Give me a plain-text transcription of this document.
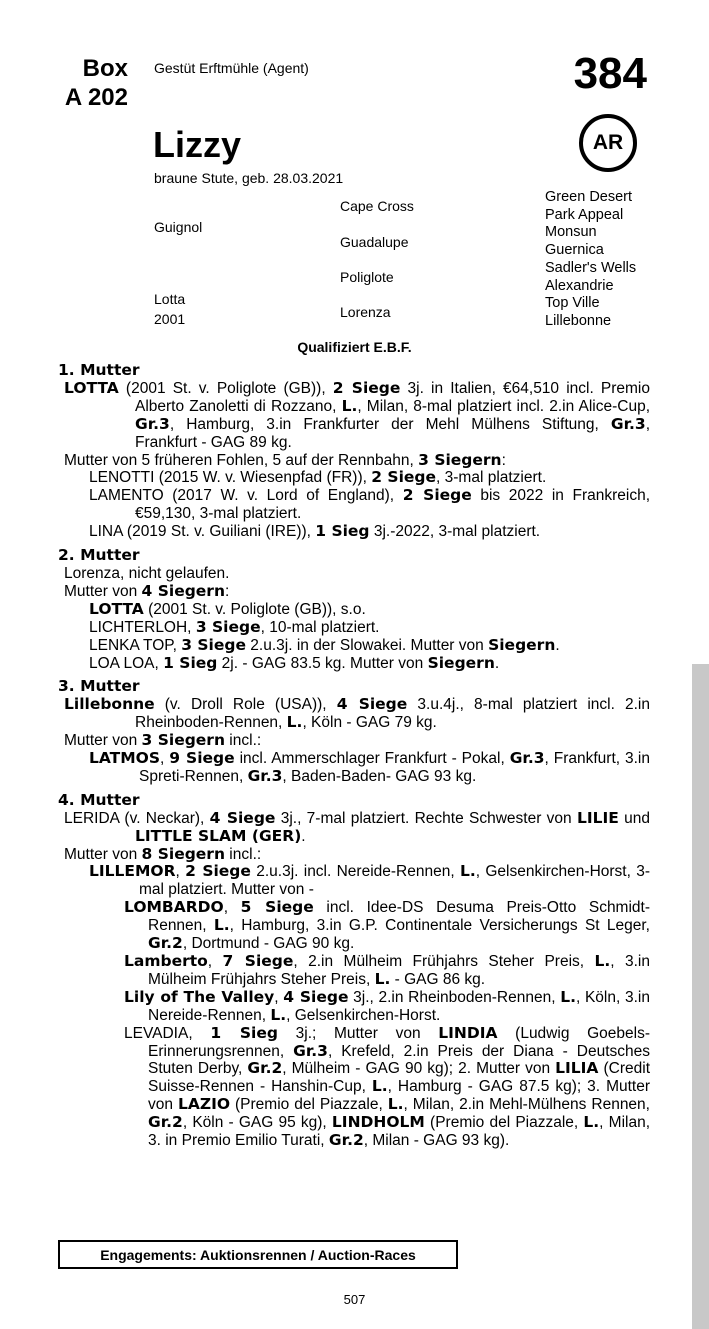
Box
A 202
Gestüt Erftmühle (Agent)	384
Lizzy	AR
braune Stute, geb. 28.03.2021
Guignol
Lotta
2001
Cape Cross
Guadalupe
Poliglote
Lorenza
Green Desert
Park Appeal
Monsun
Guernica
Sadler's Wells
Alexandrie
Top Ville
Lillebonne
Qualifiziert E.B.F.
1. Mutter
LOTTA (2001 St. v. Poliglote (GB)), 2 Siege 3j. in Italien, €64,510 incl. Premio Alberto Zanoletti di Rozzano, L., Milan, 8-mal platziert incl. 2.in Alice-Cup, Gr.3, Hamburg, 3.in Frankfurter der Mehl Mülhens Stiftung, Gr.3, Frankfurt - GAG 89 kg.
Mutter von 5 früheren Fohlen, 5 auf der Rennbahn, 3 Siegern:
LENOTTI (2015 W. v. Wiesenpfad (FR)), 2 Siege, 3-mal platziert.
LAMENTO (2017 W. v. Lord of England), 2 Siege bis 2022 in Frankreich, €59,130, 3-mal platziert.
LINA (2019 St. v. Guiliani (IRE)), 1 Sieg 3j.-2022, 3-mal platziert.
2. Mutter
Lorenza, nicht gelaufen.
Mutter von 4 Siegern:
LOTTA (2001 St. v. Poliglote (GB)), s.o.
LICHTERLOH, 3 Siege, 10-mal platziert.
LENKA TOP, 3 Siege 2.u.3j. in der Slowakei. Mutter von Siegern.
LOA LOA, 1 Sieg 2j. - GAG 83.5 kg. Mutter von Siegern.
3. Mutter
Lillebonne (v. Droll Role (USA)), 4 Siege 3.u.4j., 8-mal platziert incl. 2.in Rheinboden-Rennen, L., Köln - GAG 79 kg.
Mutter von 3 Siegern incl.:
LATMOS, 9 Siege incl. Ammerschlager Frankfurt - Pokal, Gr.3, Frankfurt, 3.in Spreti-Rennen, Gr.3, Baden-Baden- GAG 93 kg.
4. Mutter
LERIDA (v. Neckar), 4 Siege 3j., 7-mal platziert. Rechte Schwester von LILIE und LITTLE SLAM (GER).
Mutter von 8 Siegern incl.:
LILLEMOR, 2 Siege 2.u.3j. incl. Nereide-Rennen, L., Gelsenkirchen-Horst, 3-mal platziert. Mutter von -
LOMBARDO, 5 Siege incl. Idee-DS Desuma Preis-Otto Schmidt-Rennen, L., Hamburg, 3.in G.P. Continentale Versicherungs St Leger, Gr.2, Dortmund - GAG 90 kg.
Lamberto, 7 Siege, 2.in Mülheim Frühjahrs Steher Preis, L., 3.in Mülheim Frühjahrs Steher Preis, L. - GAG 86 kg.
Lily of The Valley, 4 Siege 3j., 2.in Rheinboden-Rennen, L., Köln, 3.in Nereide-Rennen, L., Gelsenkirchen-Horst.
LEVADIA, 1 Sieg 3j.; Mutter von LINDIA (Ludwig Goebels-Erinnerungsrennen, Gr.3, Krefeld, 2.in Preis der Diana - Deutsches Stuten Derby, Gr.2, Mülheim - GAG 90 kg); 2. Mutter von LILIA (Credit Suisse-Rennen - Hanshin-Cup, L., Hamburg - GAG 87.5 kg); 3. Mutter von LAZIO (Premio del Piazzale, L., Milan, 2.in Mehl-Mülhens Rennen, Gr.2, Köln - GAG 95 kg), LINDHOLM (Premio del Piazzale, L., Milan, 3. in Premio Emilio Turati, Gr.2, Milan - GAG 93 kg).
Engagements: Auktionsrennen / Auction-Races
507
